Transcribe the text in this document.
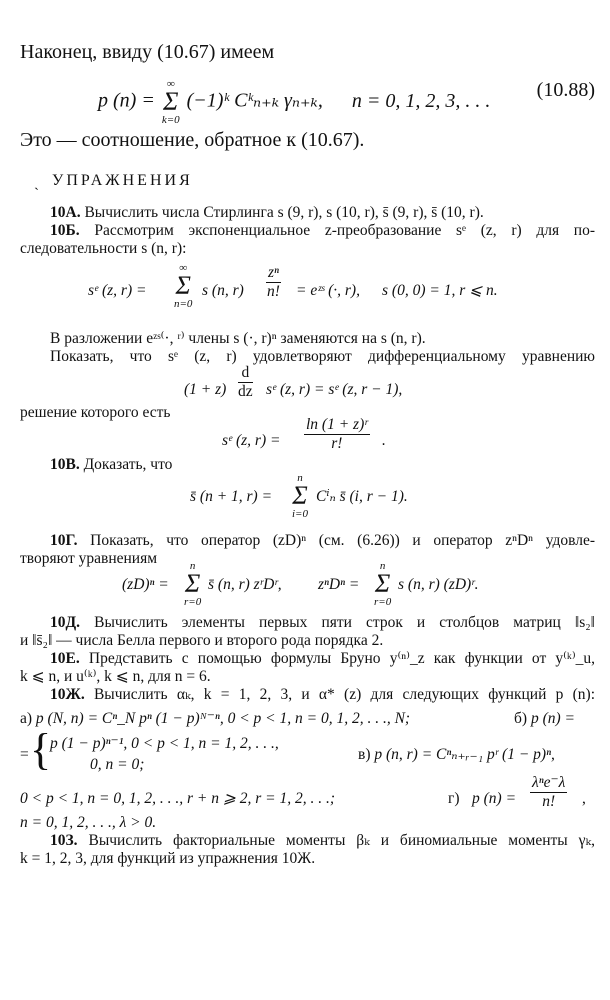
Наконец, ввиду (10.67) имеем
p (n) =
∞
Σ
k=0
(−1)ᵏ Cᵏₙ₊ₖ γₙ₊ₖ, n = 0, 1, 2, 3, . . . (10.88)
Это — соотношение, обратное к (10.67).
ˏ УПРАЖНЕНИЯ
10А. Вычислить числа Стирлинга s (9, r), s (10, r), s̄ (9, r), s̄ (10, r).
10Б. Рассмотрим экспоненциальное z-преобразование sᵉ (z, r) для по-
следовательности s (n, r):
sᵉ (z, r) =
∞
Σ
n=0
s (n, $r) \frac{\text{zⁿ}}{n!}$ = eᶻˢ (·, r), s (0, 0) = 1, r ⩽ n.
В разложении eᶻˢ⁽·, ʳ⁾ члены s (·, r)ⁿ заменяются на s (n, r).
Показать, что sᵉ (z, r) удовлетворяют дифференциальному уравнению
$(1 + z) \frac{d}{dz}$ sᵉ (z, r) = sᵉ (z, r − 1),
решение которого есть
sᵉ (z, $r) = \frac{\text{ln (1 + z)ʳ}}{r!}$ .
10В. Доказать, что
s̄ (n + 1, r) =
n
Σ
i=0
Cⁱₙ s̄ (i, r − 1).
10Г. Показать, что оператор (zD)ⁿ (см. (6.26)) и оператор zⁿDⁿ удовле-
творяют уравнениям
(zD)ⁿ =
n
Σ
r=0
s̄ (n, r) zʳDʳ, zⁿDⁿ =
n
Σ
r=0
s (n, r) (zD)ʳ.
10Д. Вычислить элементы первых пяти строк и столбцов матриц ‖s₂‖
и ‖s̄₂‖ — числа Белла первого и второго рода порядка 2.
10Е. Представить с помощью формулы Бруно y⁽ⁿ⁾_z как функции от y⁽ᵏ⁾_u,
k ⩽ n, и u⁽ᵏ⁾, k ⩽ n, для n = 6.
10Ж. Вычислить αₖ, k = 1, 2, 3, и α* (z) для следующих функций p (n):
а) p (N, n) = Cⁿ_N pⁿ (1 − p)ᴺ⁻ⁿ, 0 < p < 1, n = 0, 1, 2, . . ., N;	б) p (n) =
= {
p (1 − p)ⁿ⁻¹, 0 < p < 1, n = 1, 2, . . .,
0, n = 0;
в) p (n, r) = Cⁿₙ₊ᵣ₋₁ pʳ (1 − p)ⁿ,
0 < p < 1, n = 0, 1, 2, . . ., r + n ⩾ 2, r = 1, 2, . . .;	г) p (n) =
λⁿe⁻λ
n!	,
n = 0, 1, 2, . . ., λ > 0.
10З. Вычислить факториальные моменты βₖ и биномиальные моменты γₖ,
k = 1, 2, 3, для функций из упражнения 10Ж.
